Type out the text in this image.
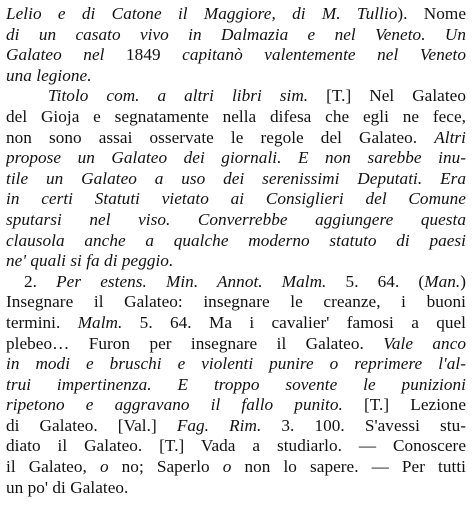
Lelio e di Catone il Maggiore, di M. Tullio). Nome
di un casato vivo in Dalmazia e nel Veneto. Un
Galateo nel 1849 capitanò valentemente nel Veneto
una legione.
Titolo com. a altri libri sim. [T.] Nel Galateo
del Gioja e segnatamente nella difesa che egli ne fece,
non sono assai osservate le regole del Galateo. Altri
propose un Galateo dei giornali. E non sarebbe inu-
tile un Galateo a uso dei serenissimi Deputati. Era
in certi Statuti vietato ai Consiglieri del Comune
sputarsi nel viso. Converrebbe aggiungere questa
clausola anche a qualche moderno statuto di paesi
ne' quali si fa di peggio.
2. Per estens. Min. Annot. Malm. 5. 64. (Man.)
Insegnare il Galateo: insegnare le creanze, i buoni
termini. Malm. 5. 64. Ma i cavalier' famosi a quel
plebeo… Furon per insegnare il Galateo. Vale anco
in modi e bruschi e violenti punire o reprimere l'al-
trui impertinenza. E troppo sovente le punizioni
ripetono e aggravano il fallo punito. [T.] Lezione
di Galateo. [Val.] Fag. Rim. 3. 100. S'avessi stu-
diato il Galateo. [T.] Vada a studiarlo. — Conoscere
il Galateo, o no; Saperlo o non lo sapere. — Per tutti
un po' di Galateo.
